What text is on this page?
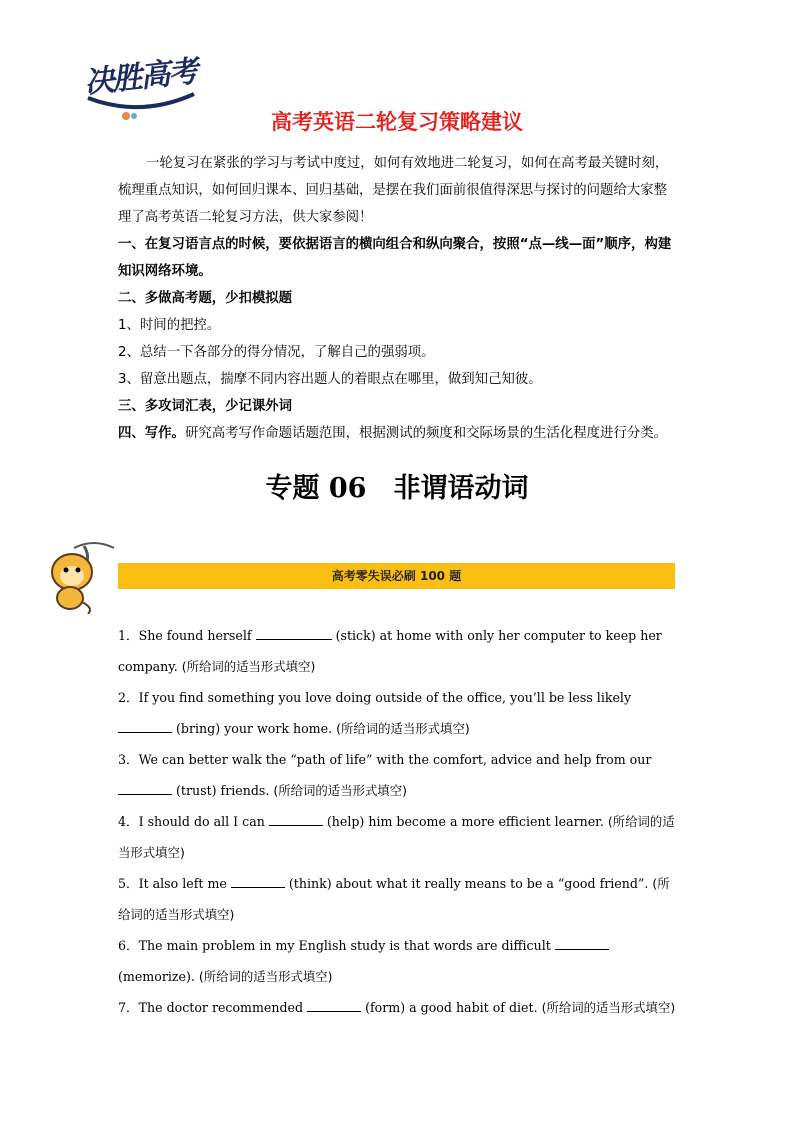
决胜高考
高考英语二轮复习策略建议

一轮复习在紧张的学习与考试中度过，如何有效地进二轮复习，如何在高考最关键时刻，梳理重点知识，如何回归课本、回归基础，是摆在我们面前很值得深思与探讨的问题给大家整理了高考英语二轮复习方法，供大家参阅！

一、在复习语言点的时候，要依据语言的横向组合和纵向聚合，按照“点—线—面”顺序，构建知识网络环境。

二、多做高考题，少扣模拟题

1、时间的把控。

2、总结一下各部分的得分情况，了解自己的强弱项。

3、留意出题点，揣摩不同内容出题人的着眼点在哪里，做到知己知彼。

三、多攻词汇表，少记课外词

四、写作。研究高考写作命题话题范围，根据测试的频度和交际场景的生活化程度进行分类。

专题 06　非谓语动词
高考零失误必刷 100 题

1．She found herself	(stick) at home with only her computer to keep her company. (所给词的适当形式填空)

2．If you find something you love doing outside of the office, you’ll be less likely  (bring) your work home. (所给词的适当形式填空)

3．We can better walk the “path of life” with the comfort, advice and help from our  (trust) friends. (所给词的适当形式填空)

4．I should do all I can	(help) him become a more efficient learner. (所给词的适当形式填空)

5．It also left me	(think) about what it really means to be a “good friend”. (所给词的适当形式填空)

6．The main problem in my English study is that words are difficult  (memorize). (所给词的适当形式填空)

7．The doctor recommended	(form) a good habit of diet. (所给词的适当形式填空)
